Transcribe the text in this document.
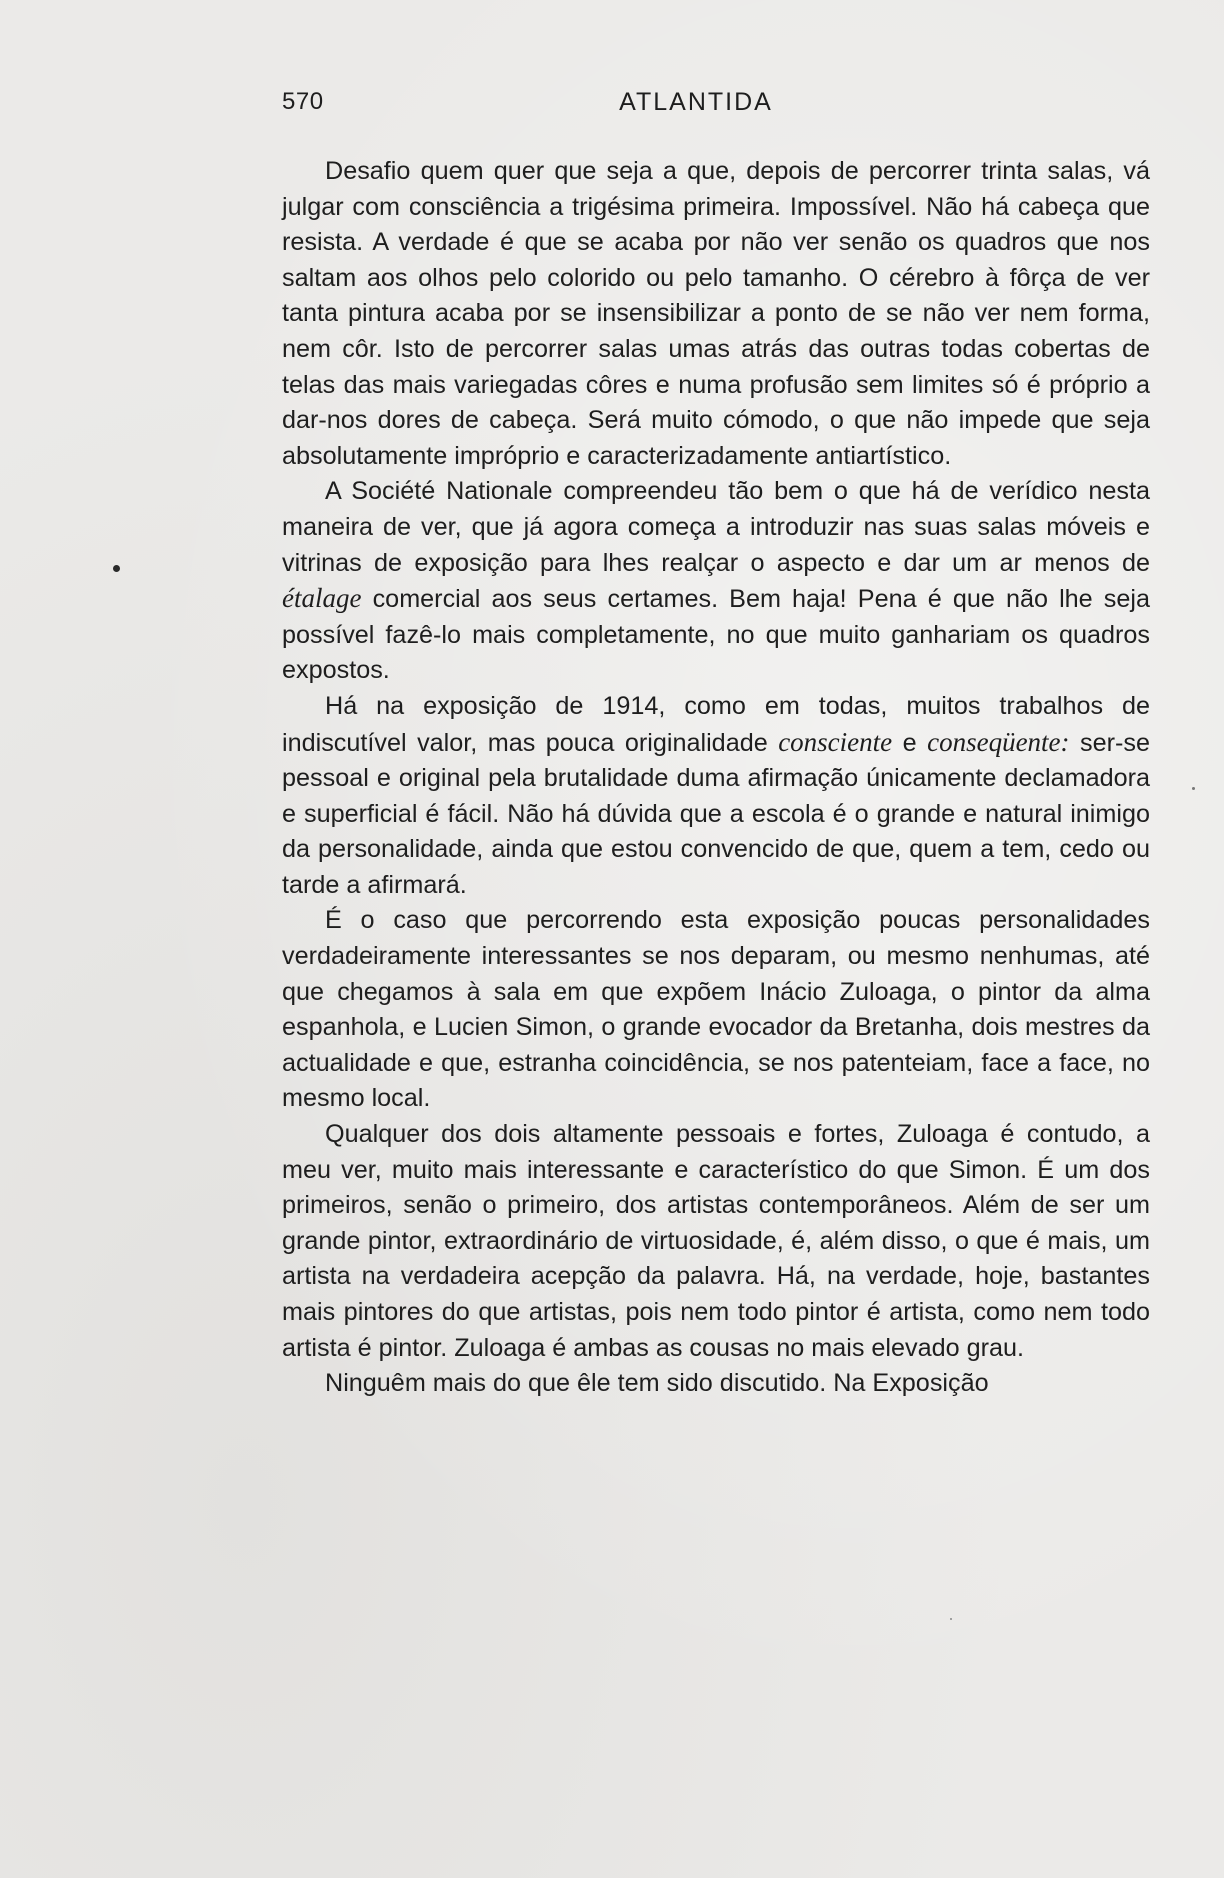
570	ATLANTIDA

Desafio quem quer que seja a que, depois de percorrer trinta salas, vá julgar com consciência a trigésima primeira. Impossível. Não há cabeça que resista. A verdade é que se acaba por não ver senão os quadros que nos saltam aos olhos pelo colorido ou pelo tamanho. O cérebro à fôrça de ver tanta pintura acaba por se insensibilizar a ponto de se não ver nem forma, nem côr. Isto de percorrer salas umas atrás das outras todas cobertas de telas das mais variegadas côres e numa profusão sem limites só é próprio a dar-nos dores de cabeça. Será muito cómodo, o que não impede que seja absolutamente impróprio e caracterizadamente antiartístico.

A Société Nationale compreendeu tão bem o que há de verídico nesta maneira de ver, que já agora começa a introduzir nas suas salas móveis e vitrinas de exposição para lhes realçar o aspecto e dar um ar menos de étalage comercial aos seus certames. Bem haja! Pena é que não lhe seja possível fazê-lo mais completamente, no que muito ganhariam os quadros expostos.

Há na exposição de 1914, como em todas, muitos trabalhos de indiscutível valor, mas pouca originalidade consciente e conseqüente: ser-se pessoal e original pela brutalidade duma afirmação únicamente declamadora e superficial é fácil. Não há dúvida que a escola é o grande e natural inimigo da personalidade, ainda que estou convencido de que, quem a tem, cedo ou tarde a afirmará.

É o caso que percorrendo esta exposição poucas personalidades verdadeiramente interessantes se nos deparam, ou mesmo nenhumas, até que chegamos à sala em que expõem Inácio Zuloaga, o pintor da alma espanhola, e Lucien Simon, o grande evocador da Bretanha, dois mestres da actualidade e que, estranha coincidência, se nos patenteiam, face a face, no mesmo local.

Qualquer dos dois altamente pessoais e fortes, Zuloaga é contudo, a meu ver, muito mais interessante e característico do que Simon. É um dos primeiros, senão o primeiro, dos artistas contemporâneos. Além de ser um grande pintor, extraordinário de virtuosidade, é, além disso, o que é mais, um artista na verdadeira acepção da palavra. Há, na verdade, hoje, bastantes mais pintores do que artistas, pois nem todo pintor é artista, como nem todo artista é pintor. Zuloaga é ambas as cousas no mais elevado grau.

Ninguêm mais do que êle tem sido discutido. Na Exposição
